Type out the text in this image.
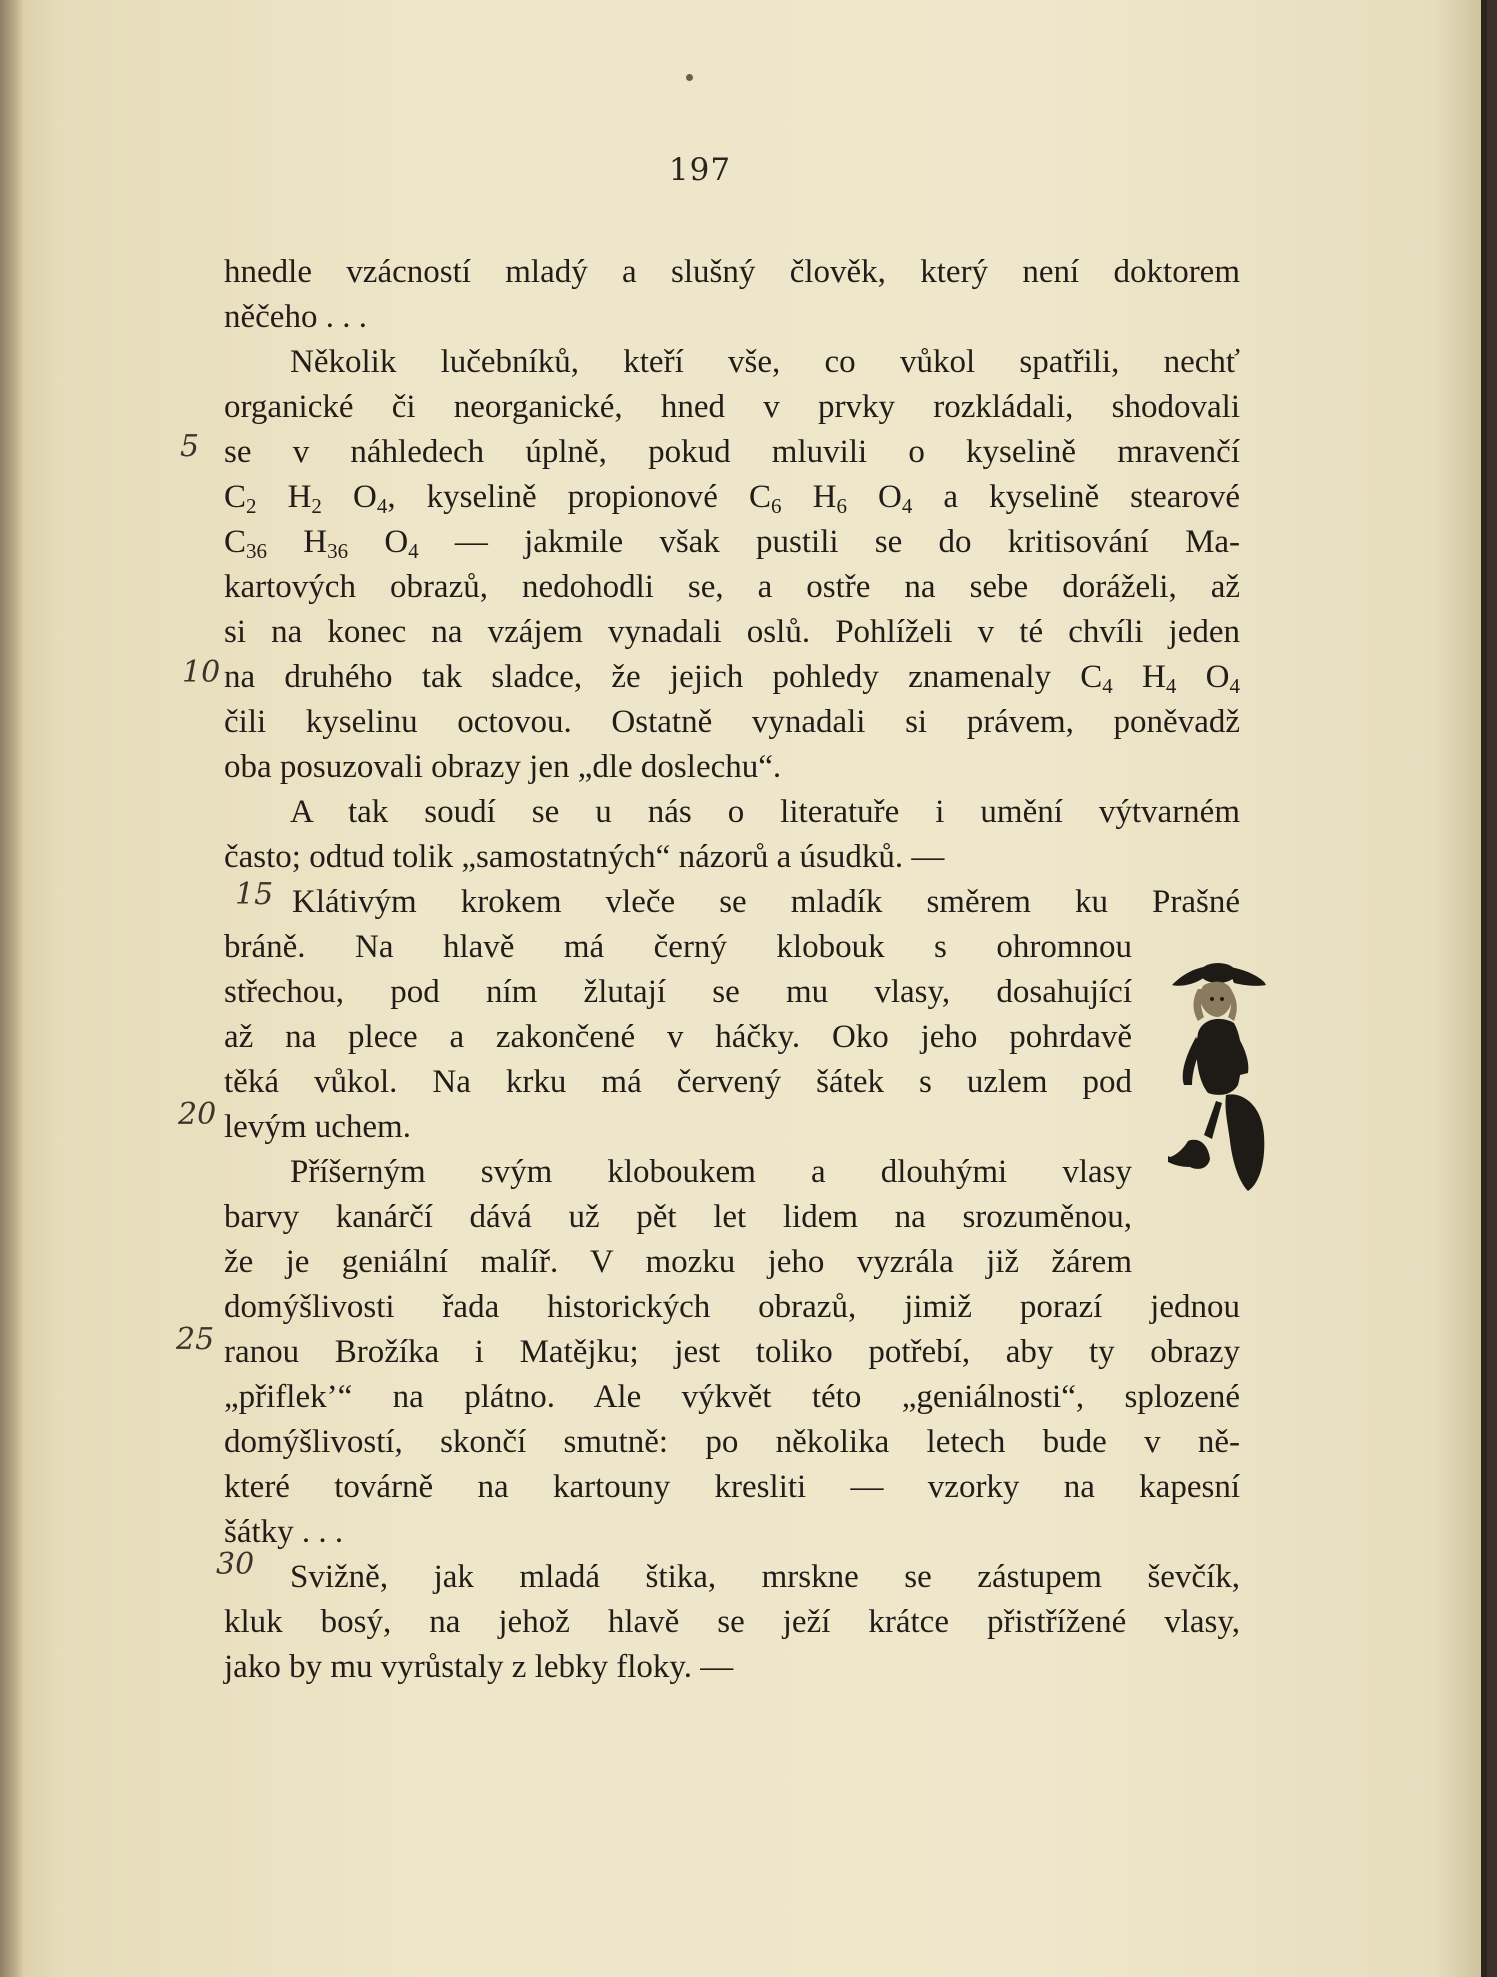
197
5
10
15
20
25
30
hnedle vzácností mladý a slušný člověk, který není doktorem
něčeho . . .
Několik lučebníků, kteří vše, co vůkol spatřili, nechť
organické či neorganické, hned v prvky rozkládali, shodovali
se v náhledech úplně, pokud mluvili o kyselině mravenčí
$C_2$ $H_2$ $O_4$, kyselině propionové $C_6$ $H_6$ $O_4$ a kyselině stearové
$C_{36}$ $H_{36}$ $O_4$ — jakmile však pustili se do kritisování Ma-
kartových obrazů, nedohodli se, a ostře na sebe doráželi, až
si na konec na vzájem vynadali oslů. Pohlíželi v té chvíli jeden
na druhého tak sladce, že jejich pohledy znamenaly $C_4$ $H_4$ $O_4$
čili kyselinu octovou. Ostatně vynadali si právem, poněvadž
oba posuzovali obrazy jen „dle doslechu“.
A tak soudí se u nás o literatuře i umění výtvarném
často; odtud tolik „samostatných“ názorů a úsudků. —
Klátivým krokem vleče se mladík směrem ku Prašné
bráně. Na hlavě má černý klobouk s ohromnou
střechou, pod ním žlutají se mu vlasy, dosahující
až na plece a zakončené v háčky. Oko jeho pohrdavě
těká vůkol. Na krku má červený šátek s uzlem pod
levým uchem.
Příšerným svým kloboukem a dlouhými vlasy
barvy kanárčí dává už pět let lidem na srozuměnou,
že je geniální malíř. V mozku jeho vyzrála již žárem
domýšlivosti řada historických obrazů, jimiž porazí jednou
ranou Brožíka i Matějku; jest toliko potřebí, aby ty obrazy
„přiflek’“ na plátno. Ale výkvět této „geniálnosti“, splozené
domýšlivostí, skončí smutně: po několika letech bude v ně-
které továrně na kartouny kresliti — vzorky na kapesní
šátky . . .
Svižně, jak mladá štika, mrskne se zástupem ševčík,
kluk bosý, na jehož hlavě se ježí krátce přistřížené vlasy,
jako by mu vyrůstaly z lebky floky. —
